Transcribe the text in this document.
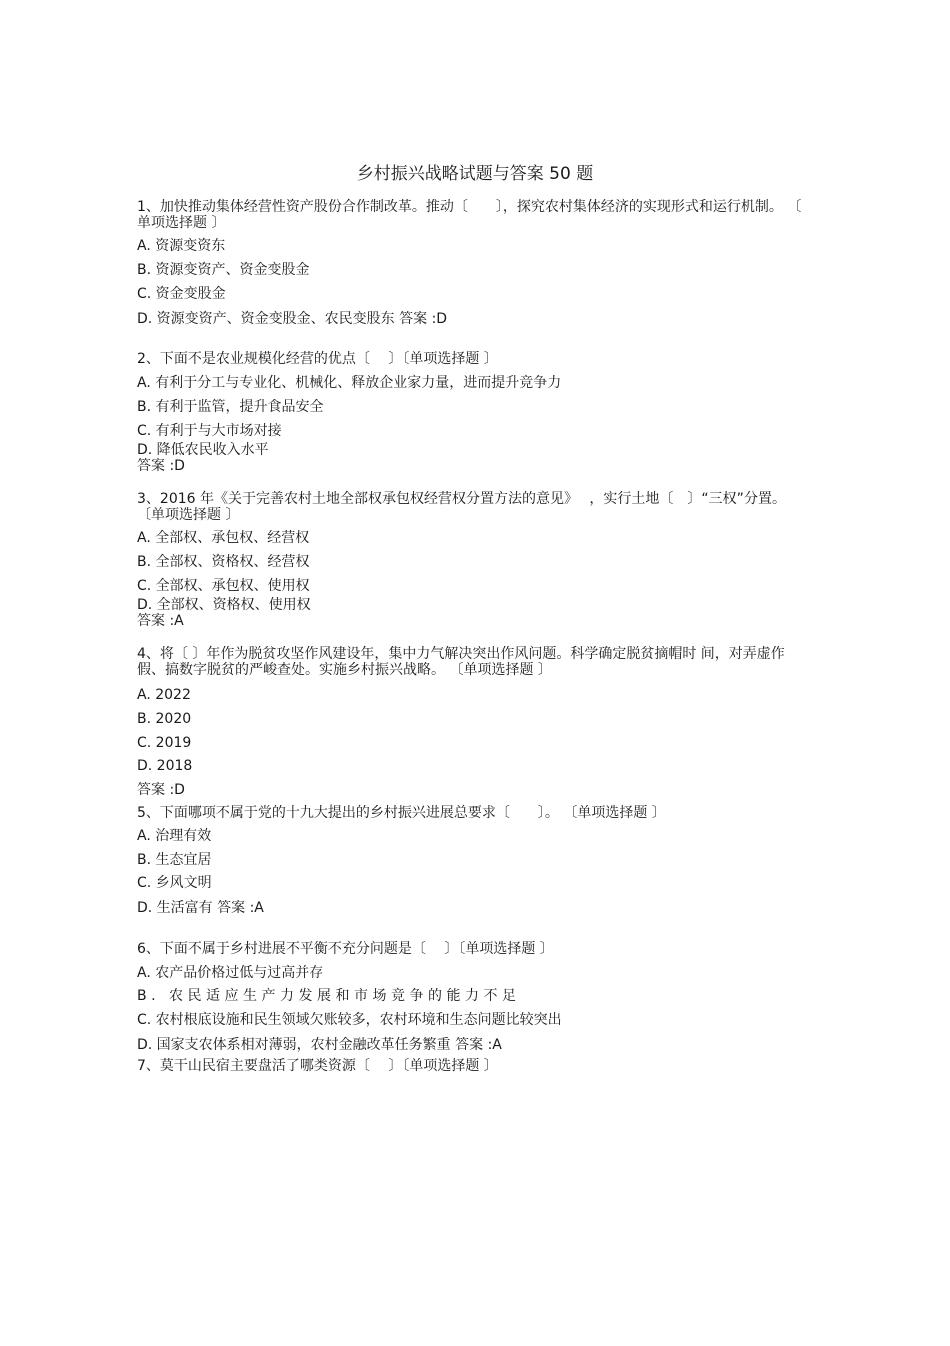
乡村振兴战略试题与答案 50 题
1、加快推动集体经营性资产股份合作制改革。推动〔　　〕，探究农村集体经济的实现形式和运行机制。 〔 单项选择题 〕
A. 资源变资东
B. 资源变资产、资金变股金
C. 资金变股金
D. 资源变资产、资金变股金、农民变股东 答案 :D
2、下面不是农业规模化经营的优点〔　 〕〔单项选择题 〕
A. 有利于分工与专业化、机械化、释放企业家力量，进而提升竞争力
B. 有利于监管，提升食品安全
C. 有利于与大市场对接
D. 降低农民收入水平
答案 :D
3、2016 年《关于完善农村土地全部权承包权经营权分置方法的意见》　 ，实行土地〔　〕“三权”分置。 〔单项选择题 〕
A. 全部权、承包权、经营权
B. 全部权、资格权、经营权
C. 全部权、承包权、使用权
D. 全部权、资格权、使用权
答案 :A
4、将〔 〕年作为脱贫攻坚作风建设年，集中力气解决突出作风问题。科学确定脱贫摘帽时 间，对弄虚作假、搞数字脱贫的严峻查处。实施乡村振兴战略。 〔单项选择题 〕
A. 2022
B. 2020
C. 2019
D. 2018
答案 :D
5、下面哪项不属于党的十九大提出的乡村振兴进展总要求〔　　〕。 〔单项选择题 〕
A. 治理有效
B. 生态宜居
C. 乡风文明
D. 生活富有 答案 :A
6、下面不属于乡村进展不平衡不充分问题是〔　 〕〔单项选择题 〕
A. 农产品价格过低与过高并存
B. 农民适应生产力发展和市场竞争的能力不足
C. 农村根底设施和民生领域欠账较多，农村环境和生态问题比较突出
D. 国家支农体系相对薄弱，农村金融改革任务繁重 答案 :A
7、莫干山民宿主要盘活了哪类资源〔　 〕〔单项选择题 〕
